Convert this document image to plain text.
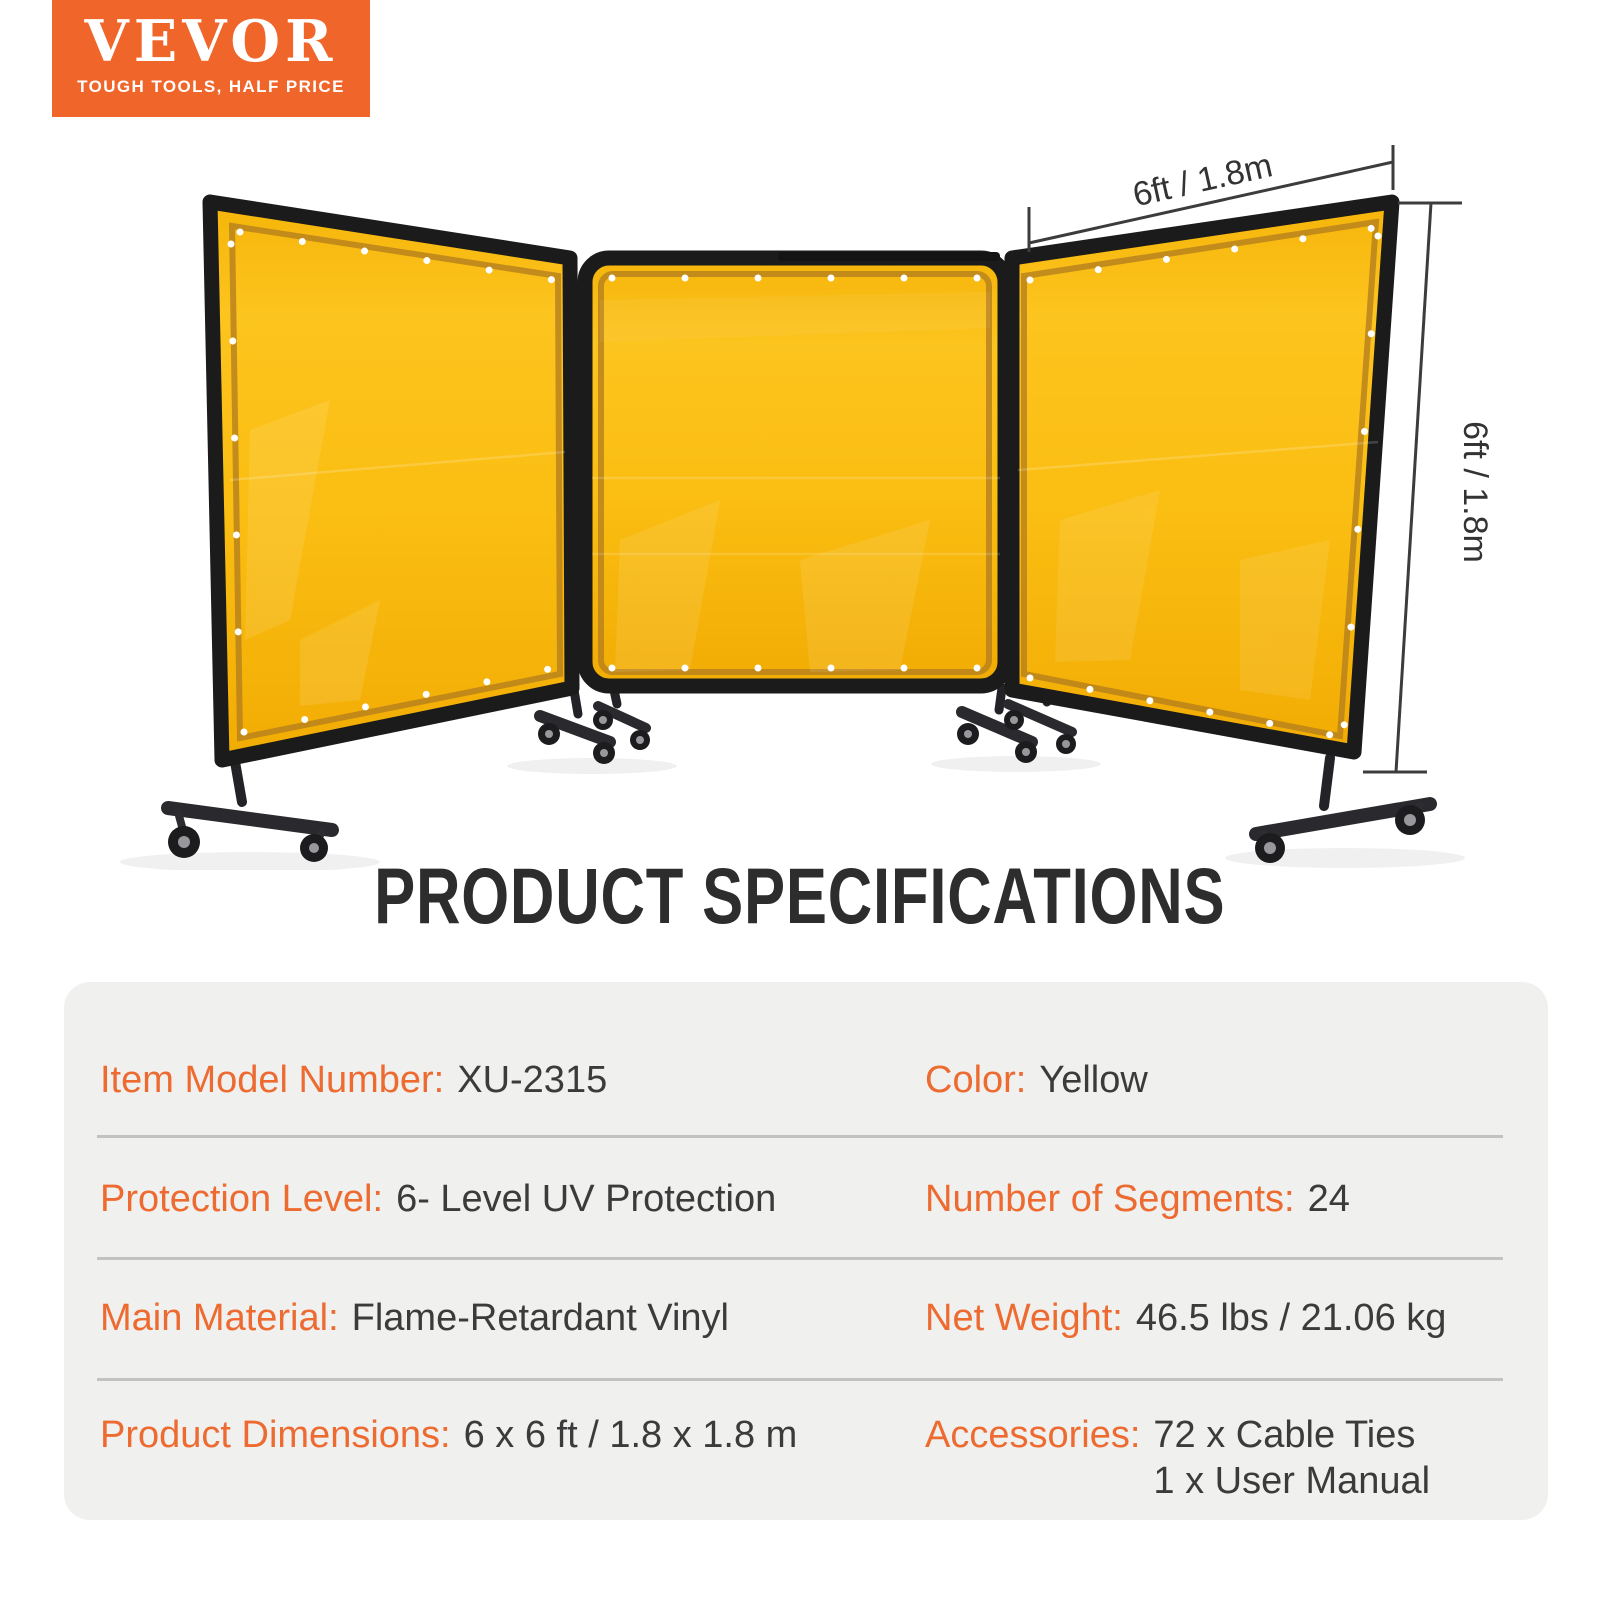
VEVOR
TOUGH TOOLS, HALF PRICE
6ft / 1.8m
6ft / 1.8m
PRODUCT SPECIFICATIONS
Item Model Number: XU-2315	Color: Yellow
Protection Level: 6- Level UV Protection	Number of Segments: 24
Main Material: Flame-Retardant Vinyl	Net Weight: 46.5 lbs / 21.06 kg
Product Dimensions: 6 x 6 ft / 1.8 x 1.8 m	Accessories: 72 x Cable Ties
1 x User Manual
